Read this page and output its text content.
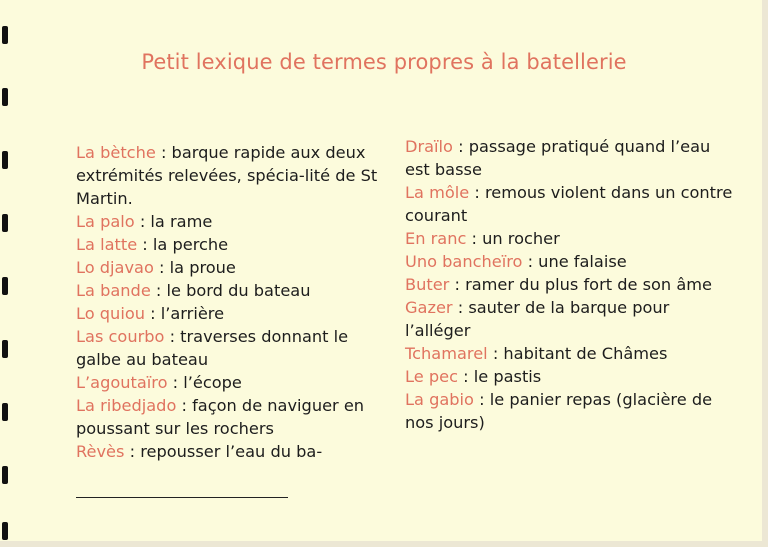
Petit lexique de termes propres à la batellerie

La bètche : barque rapide aux deux extrémités relevées, spécia-lité de St Martin.

La palo : la rame

La latte : la perche

Lo djavao : la proue

La bande : le bord du bateau

Lo quiou : l’arrière

Las courbo : traverses donnant le galbe au bateau

L’agoutaïro : l’écope

La ribedjado : façon de naviguer en poussant sur les rochers

Rèvès : repousser l’eau du ba-

Draïlo : passage pratiqué quand l’eau est basse

La môle : remous violent dans un contre courant

En ranc : un rocher

Uno bancheïro : une falaise

Buter : ramer du plus fort de son âme

Gazer : sauter de la barque pour l’alléger

Tchamarel : habitant de Châmes

Le pec : le pastis

La gabio : le panier repas (glacière de nos jours)
